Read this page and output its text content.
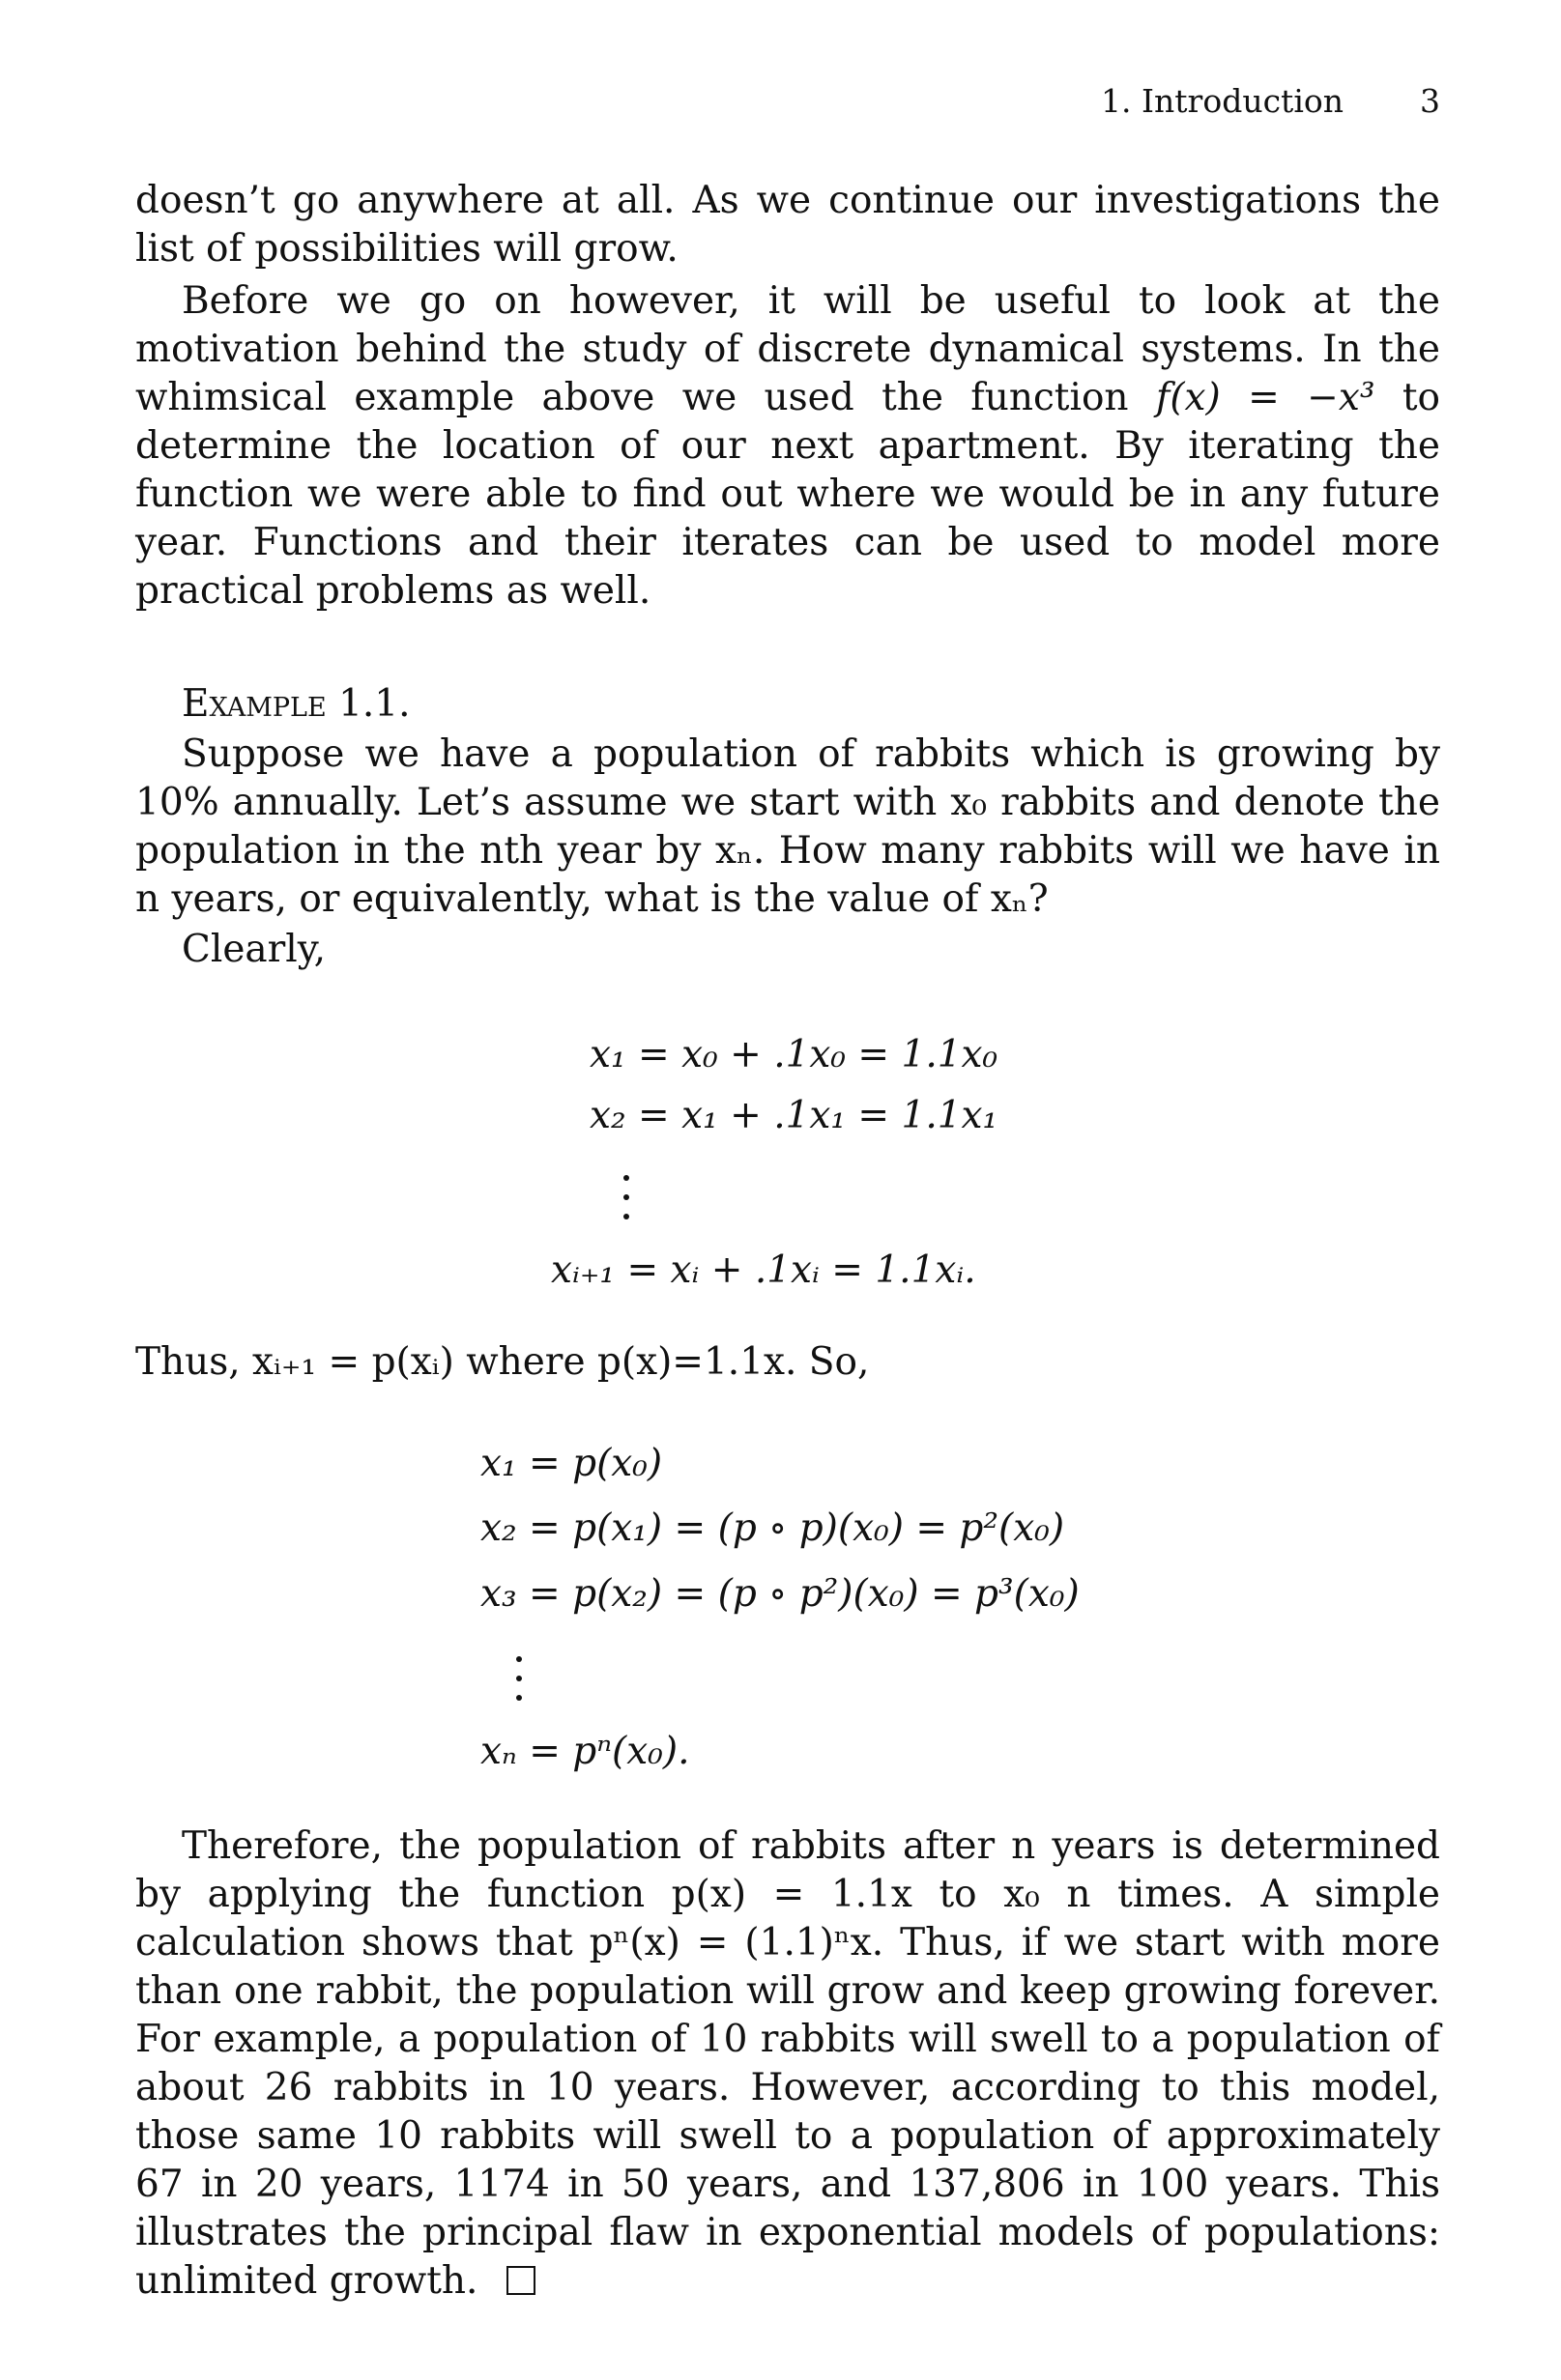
1. Introduction 3

doesn’t go anywhere at all. As we continue our investigations the list of possibilities will grow.

Before we go on however, it will be useful to look at the motivation behind the study of discrete dynamical systems. In the whimsical example above we used the function f(x) = −x³ to determine the location of our next apartment. By iterating the function we were able to find out where we would be in any future year. Functions and their iterates can be used to model more practical problems as well.

Example 1.1.

Suppose we have a population of rabbits which is growing by 10% annually. Let’s assume we start with x₀ rabbits and denote the population in the nth year by xₙ. How many rabbits will we have in n years, or equivalently, what is the value of xₙ?

Clearly,

x₁ = x₀ + .1x₀ = 1.1x₀
x₂ = x₁ + .1x₁ = 1.1x₁
xᵢ₊₁ = xᵢ + .1xᵢ = 1.1xᵢ.

Thus, xᵢ₊₁ = p(xᵢ) where p(x)=1.1x. So,

x₁ = p(x₀)
x₂ = p(x₁) = (p ∘ p)(x₀) = p²(x₀)
x₃ = p(x₂) = (p ∘ p²)(x₀) = p³(x₀)
xₙ = pⁿ(x₀).

Therefore, the population of rabbits after n years is determined by applying the function p(x) = 1.1x to x₀ n times. A simple calculation shows that pⁿ(x) = (1.1)ⁿx. Thus, if we start with more than one rabbit, the population will grow and keep growing forever. For example, a population of 10 rabbits will swell to a population of about 26 rabbits in 10 years. However, according to this model, those same 10 rabbits will swell to a population of approximately 67 in 20 years, 1174 in 50 years, and 137,806 in 100 years. This illustrates the principal flaw in exponential models of populations: unlimited growth.
